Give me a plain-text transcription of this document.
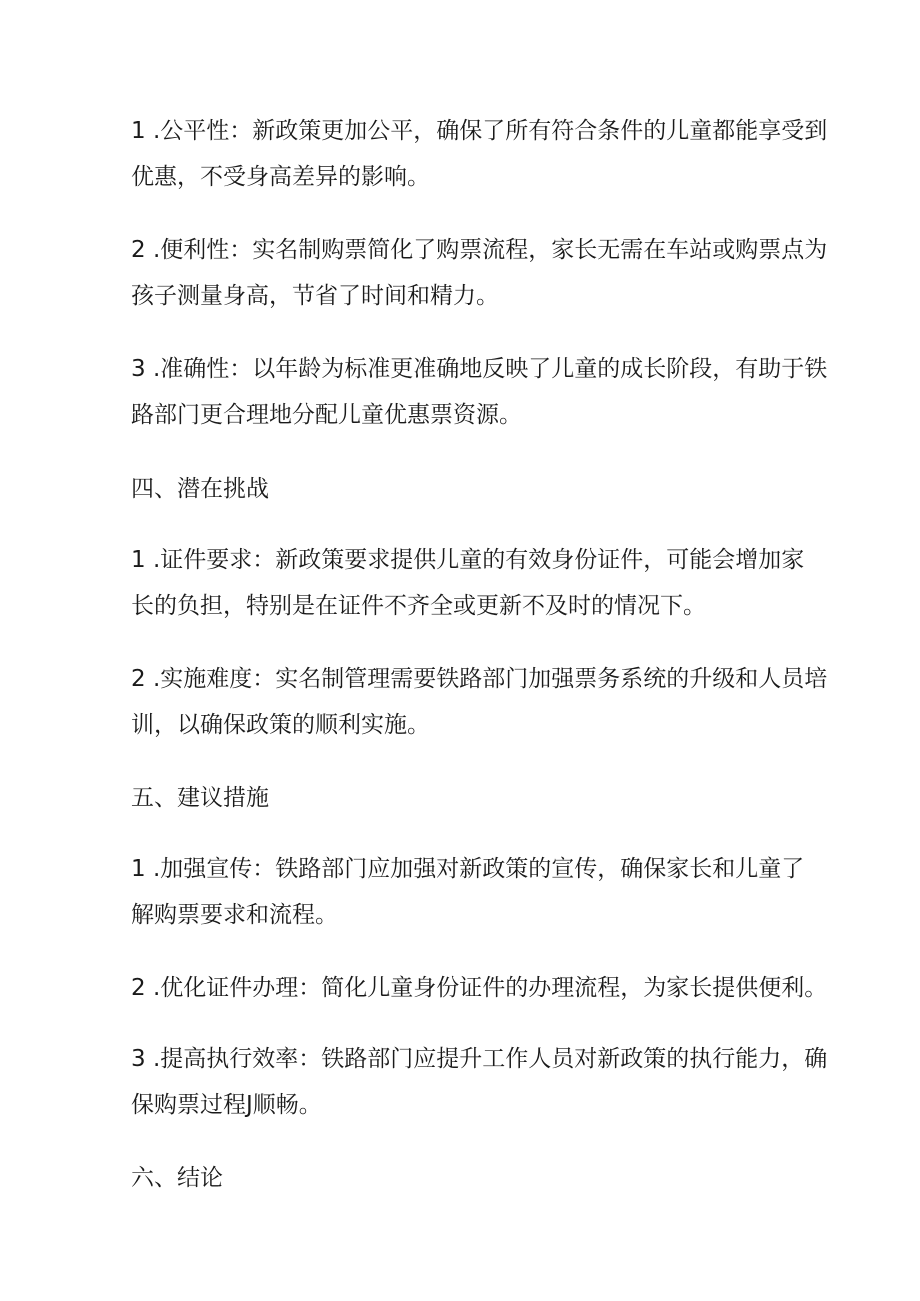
1 .公平性：新政策更加公平，确保了所有符合条件的儿童都能享受到
优惠，不受身高差异的影响。
2 .便利性：实名制购票简化了购票流程，家长无需在车站或购票点为
孩子测量身高，节省了时间和精力。
3 .准确性：以年龄为标准更准确地反映了儿童的成长阶段，有助于铁
路部门更合理地分配儿童优惠票资源。
四、潜在挑战
1 .证件要求：新政策要求提供儿童的有效身份证件，可能会增加家
长的负担，特别是在证件不齐全或更新不及时的情况下。
2 .实施难度：实名制管理需要铁路部门加强票务系统的升级和人员培
训，以确保政策的顺利实施。
五、建议措施
1 .加强宣传：铁路部门应加强对新政策的宣传，确保家长和儿童了
解购票要求和流程。
2 .优化证件办理：简化儿童身份证件的办理流程，为家长提供便利。
3 .提高执行效率：铁路部门应提升工作人员对新政策的执行能力，确
保购票过程J顺畅。
六、结论
